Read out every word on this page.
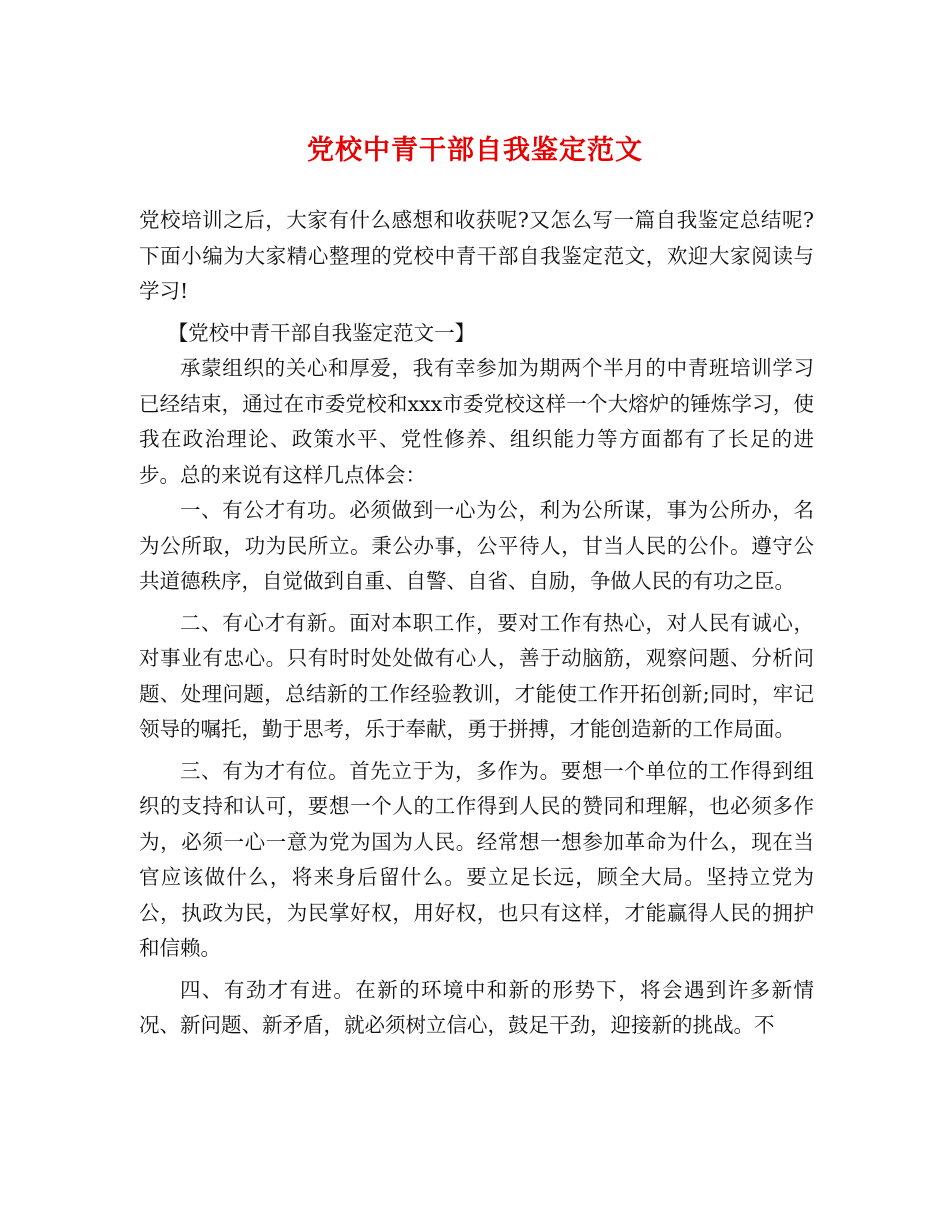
党校中青干部自我鉴定范文

党校培训之后，大家有什么感想和收获呢?又怎么写一篇自我鉴定总结呢?下面小编为大家精心整理的党校中青干部自我鉴定范文，欢迎大家阅读与学习!

【党校中青干部自我鉴定范文一】

承蒙组织的关心和厚爱，我有幸参加为期两个半月的中青班培训学习已经结束，通过在市委党校和xxx市委党校这样一个大熔炉的锤炼学习，使我在政治理论、政策水平、党性修养、组织能力等方面都有了长足的进步。总的来说有这样几点体会：

一、有公才有功。必须做到一心为公，利为公所谋，事为公所办，名为公所取，功为民所立。秉公办事，公平待人，甘当人民的公仆。遵守公共道德秩序，自觉做到自重、自警、自省、自励，争做人民的有功之臣。

二、有心才有新。面对本职工作，要对工作有热心，对人民有诚心，对事业有忠心。只有时时处处做有心人，善于动脑筋，观察问题、分析问题、处理问题，总结新的工作经验教训，才能使工作开拓创新;同时，牢记领导的嘱托，勤于思考，乐于奉献，勇于拼搏，才能创造新的工作局面。

三、有为才有位。首先立于为，多作为。要想一个单位的工作得到组织的支持和认可，要想一个人的工作得到人民的赞同和理解，也必须多作为，必须一心一意为党为国为人民。经常想一想参加革命为什么，现在当官应该做什么，将来身后留什么。要立足长远，顾全大局。坚持立党为公，执政为民，为民掌好权，用好权，也只有这样，才能赢得人民的拥护和信赖。

四、有劲才有进。在新的环境中和新的形势下，将会遇到许多新情况、新问题、新矛盾，就必须树立信心，鼓足干劲，迎接新的挑战。不
